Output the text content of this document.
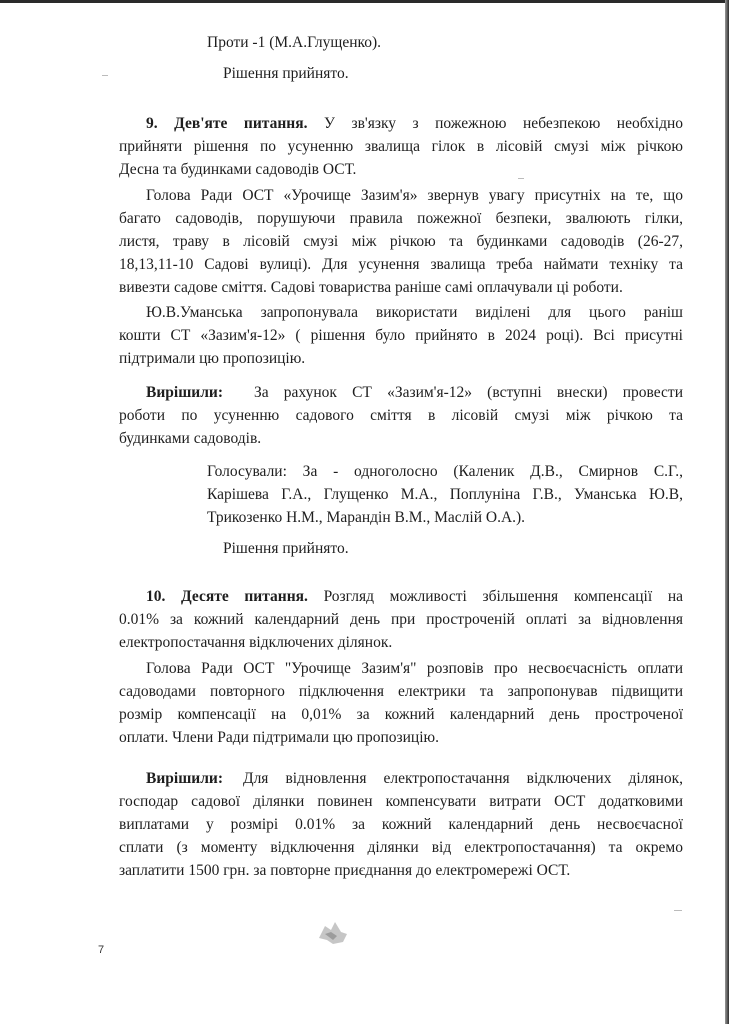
Проти -1 (М.А.Глущенко).
Рішення прийнято.
9. Дев'яте питання. У зв'язку з пожежною небезпекою необхідно
прийняти рішення по усуненню звалища гілок в лісовій смузі між річкою
Десна та будинками садоводів ОСТ.
Голова Ради ОСТ «Урочище Зазим'я» звернув увагу присутніх на те, що
багато садоводів, порушуючи правила пожежної безпеки, звалюють гілки,
листя, траву в лісовій смузі між річкою та будинками садоводів (26-27,
18,13,11-10 Садові вулиці). Для усунення звалища треба наймати техніку та
вивезти садове сміття. Садові товариства раніше самі оплачували ці роботи.
Ю.В.Уманська запропонувала використати виділені для цього раніш
кошти СТ «Зазим'я-12» ( рішення було прийнято в 2024 році). Всі присутні
підтримали цю пропозицію.
Вирішили: За рахунок СТ «Зазим'я-12» (вступні внески) провести
роботи по усуненню садового сміття в лісовій смузі між річкою та
будинками садоводів.
Голосували: За - одноголосно (Каленик Д.В., Смирнов С.Г.,
Карішева Г.А., Глущенко М.А., Поплуніна Г.В., Уманська Ю.В,
Трикозенко Н.М., Марандін В.М., Маслій О.А.).
Рішення прийнято.
10. Десяте питання. Розгляд можливості збільшення компенсації на
0.01% за кожний календарний день при простроченій оплаті за відновлення
електропостачання відключених ділянок.
Голова Ради ОСТ "Урочище Зазим'я" розповів про несвоєчасність оплати
садоводами повторного підключення електрики та запропонував підвищити
розмір компенсації на 0,01% за кожний календарний день простроченої
оплати. Члени Ради підтримали цю пропозицію.
Вирішили: Для відновлення електропостачання відключених ділянок,
господар садової ділянки повинен компенсувати витрати ОСТ додатковими
виплатами у розмірі 0.01% за кожний календарний день несвоєчасної
сплати (з моменту відключення ділянки від електропостачання) та окремо
заплатити 1500 грн. за повторне приєднання до електромережі ОСТ.
7
